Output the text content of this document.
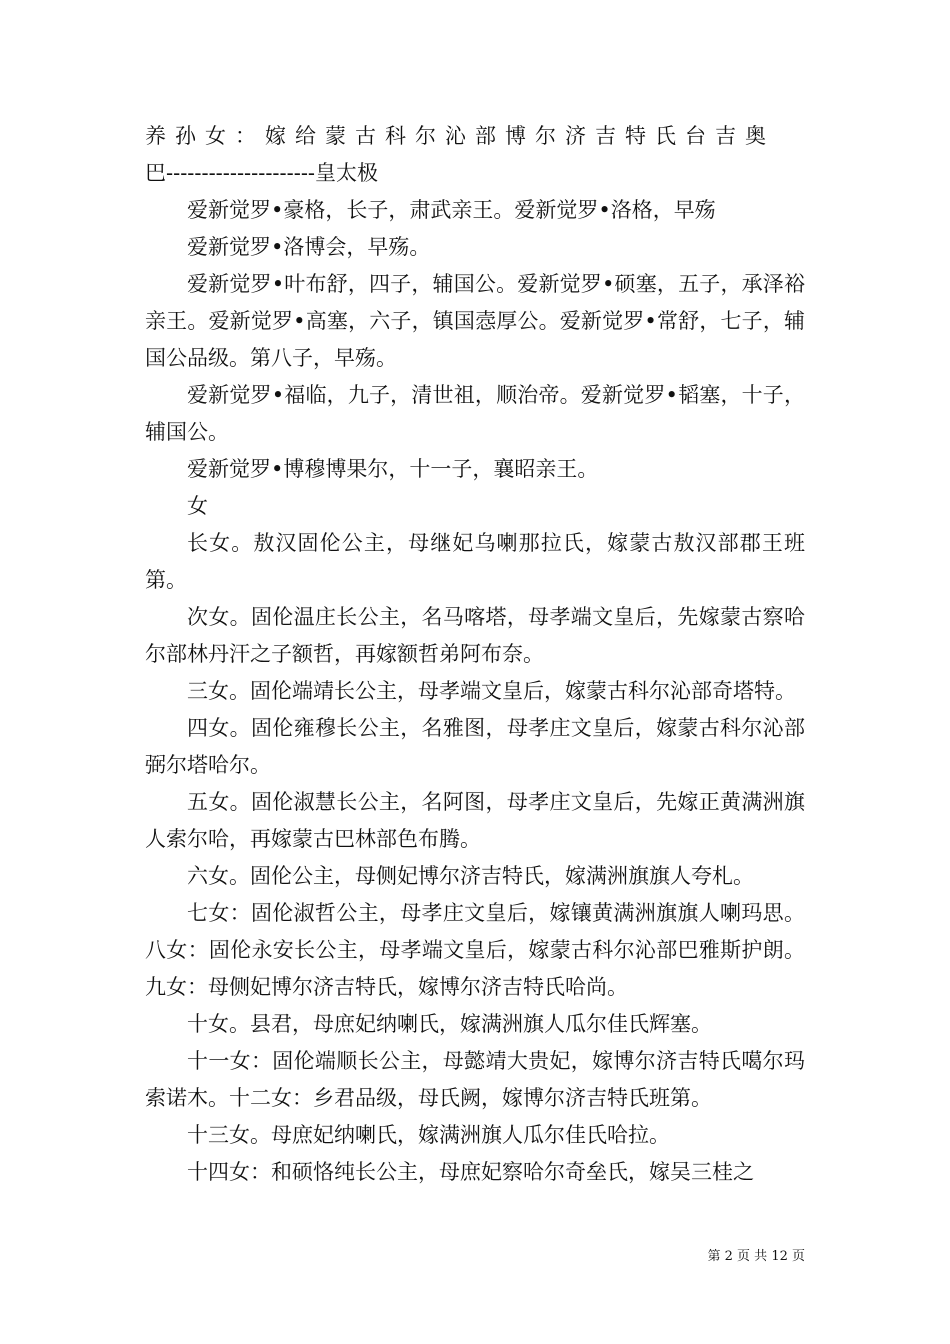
养孙女：嫁给蒙古科尔沁部博尔济吉特氏台吉奥

巴---------------------皇太极

爱新觉罗•豪格，长子，肃武亲王。爱新觉罗•洛格，早殇

爱新觉罗•洛博会，早殇。

爱新觉罗•叶布舒，四子，辅国公。爱新觉罗•硕塞，五子，承泽裕亲王。爱新觉罗•高塞，六子，镇国悫厚公。爱新觉罗•常舒，七子，辅国公品级。第八子，早殇。

爱新觉罗•福临，九子，清世祖，顺治帝。爱新觉罗•韬塞，十子，辅国公。

爱新觉罗•博穆博果尔，十一子，襄昭亲王。

女

长女。敖汉固伦公主，母继妃乌喇那拉氏，嫁蒙古敖汉部郡王班第。

次女。固伦温庄长公主，名马喀塔，母孝端文皇后，先嫁蒙古察哈尔部林丹汗之子额哲，再嫁额哲弟阿布奈。

三女。固伦端靖长公主，母孝端文皇后，嫁蒙古科尔沁部奇塔特。

四女。固伦雍穆长公主，名雅图，母孝庄文皇后，嫁蒙古科尔沁部弼尔塔哈尔。

五女。固伦淑慧长公主，名阿图，母孝庄文皇后，先嫁正黄满洲旗人索尔哈，再嫁蒙古巴林部色布腾。

六女。固伦公主，母侧妃博尔济吉特氏，嫁满洲旗旗人夸札。

七女：固伦淑哲公主，母孝庄文皇后，嫁镶黄满洲旗旗人喇玛思。八女：固伦永安长公主，母孝端文皇后，嫁蒙古科尔沁部巴雅斯护朗。九女：母侧妃博尔济吉特氏，嫁博尔济吉特氏哈尚。

十女。县君，母庶妃纳喇氏，嫁满洲旗人瓜尔佳氏辉塞。

十一女：固伦端顺长公主，母懿靖大贵妃，嫁博尔济吉特氏噶尔玛索诺木。十二女：乡君品级，母氏阙，嫁博尔济吉特氏班第。

十三女。母庶妃纳喇氏，嫁满洲旗人瓜尔佳氏哈拉。

十四女：和硕恪纯长公主，母庶妃察哈尔奇垒氏，嫁吴三桂之

第 2 页 共 12 页
